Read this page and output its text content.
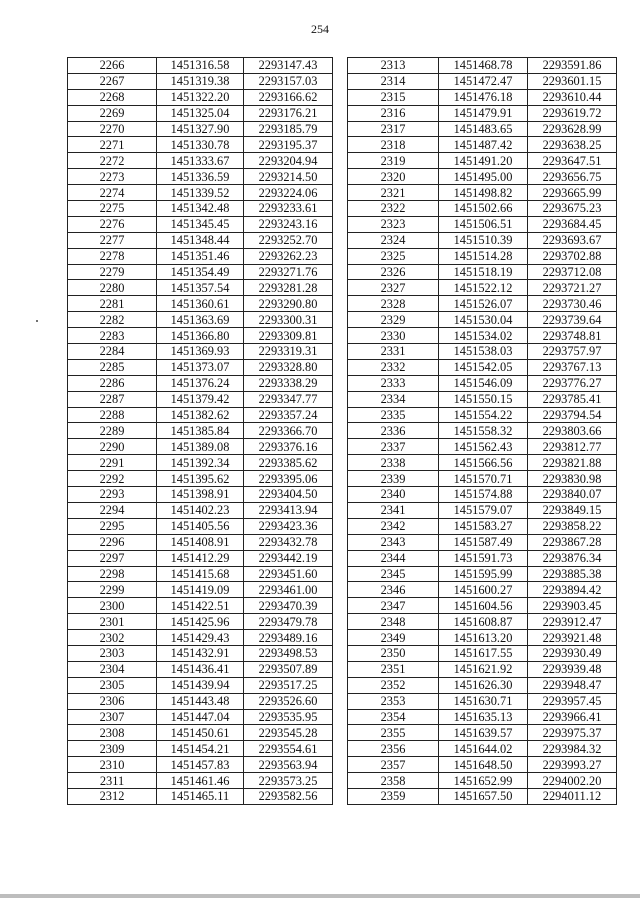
254
2266	1451316.58	2293147.43
2267	1451319.38	2293157.03
2268	1451322.20	2293166.62
2269	1451325.04	2293176.21
2270	1451327.90	2293185.79
2271	1451330.78	2293195.37
2272	1451333.67	2293204.94
2273	1451336.59	2293214.50
2274	1451339.52	2293224.06
2275	1451342.48	2293233.61
2276	1451345.45	2293243.16
2277	1451348.44	2293252.70
2278	1451351.46	2293262.23
2279	1451354.49	2293271.76
2280	1451357.54	2293281.28
2281	1451360.61	2293290.80
2282	1451363.69	2293300.31
2283	1451366.80	2293309.81
2284	1451369.93	2293319.31
2285	1451373.07	2293328.80
2286	1451376.24	2293338.29
2287	1451379.42	2293347.77
2288	1451382.62	2293357.24
2289	1451385.84	2293366.70
2290	1451389.08	2293376.16
2291	1451392.34	2293385.62
2292	1451395.62	2293395.06
2293	1451398.91	2293404.50
2294	1451402.23	2293413.94
2295	1451405.56	2293423.36
2296	1451408.91	2293432.78
2297	1451412.29	2293442.19
2298	1451415.68	2293451.60
2299	1451419.09	2293461.00
2300	1451422.51	2293470.39
2301	1451425.96	2293479.78
2302	1451429.43	2293489.16
2303	1451432.91	2293498.53
2304	1451436.41	2293507.89
2305	1451439.94	2293517.25
2306	1451443.48	2293526.60
2307	1451447.04	2293535.95
2308	1451450.61	2293545.28
2309	1451454.21	2293554.61
2310	1451457.83	2293563.94
2311	1451461.46	2293573.25
2312	1451465.11	2293582.56
2313	1451468.78	2293591.86
2314	1451472.47	2293601.15
2315	1451476.18	2293610.44
2316	1451479.91	2293619.72
2317	1451483.65	2293628.99
2318	1451487.42	2293638.25
2319	1451491.20	2293647.51
2320	1451495.00	2293656.75
2321	1451498.82	2293665.99
2322	1451502.66	2293675.23
2323	1451506.51	2293684.45
2324	1451510.39	2293693.67
2325	1451514.28	2293702.88
2326	1451518.19	2293712.08
2327	1451522.12	2293721.27
2328	1451526.07	2293730.46
2329	1451530.04	2293739.64
2330	1451534.02	2293748.81
2331	1451538.03	2293757.97
2332	1451542.05	2293767.13
2333	1451546.09	2293776.27
2334	1451550.15	2293785.41
2335	1451554.22	2293794.54
2336	1451558.32	2293803.66
2337	1451562.43	2293812.77
2338	1451566.56	2293821.88
2339	1451570.71	2293830.98
2340	1451574.88	2293840.07
2341	1451579.07	2293849.15
2342	1451583.27	2293858.22
2343	1451587.49	2293867.28
2344	1451591.73	2293876.34
2345	1451595.99	2293885.38
2346	1451600.27	2293894.42
2347	1451604.56	2293903.45
2348	1451608.87	2293912.47
2349	1451613.20	2293921.48
2350	1451617.55	2293930.49
2351	1451621.92	2293939.48
2352	1451626.30	2293948.47
2353	1451630.71	2293957.45
2354	1451635.13	2293966.41
2355	1451639.57	2293975.37
2356	1451644.02	2293984.32
2357	1451648.50	2293993.27
2358	1451652.99	2294002.20
2359	1451657.50	2294011.12
